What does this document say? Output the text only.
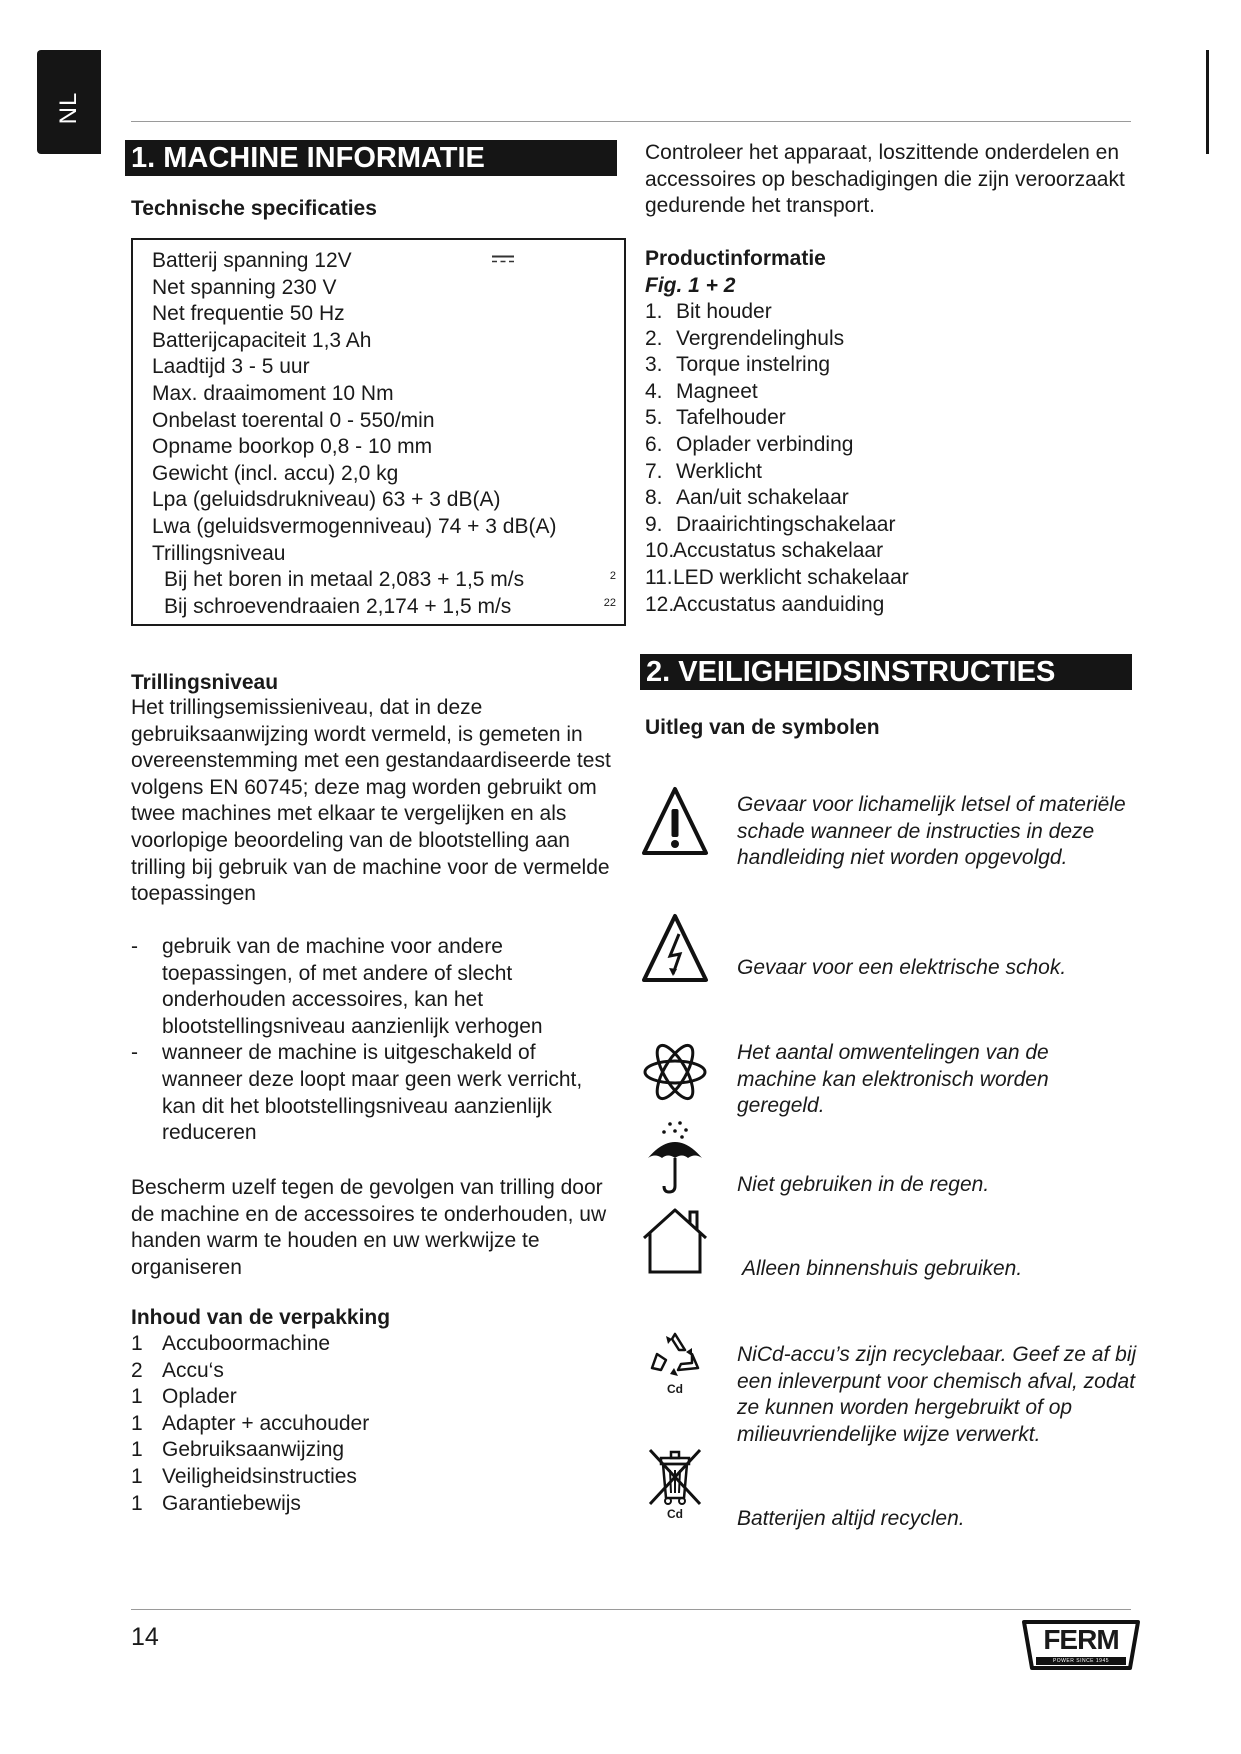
NL
1. MACHINE INFORMATIE
Technische specificaties
Batterij spanning 12V
Net spanning 230 V
Net frequentie 50 Hz
Batterijcapaciteit 1,3 Ah
Laadtijd 3 - 5 uur
Max. draaimoment 10 Nm
Onbelast toerental 0 - 550/min
Opname boorkop 0,8 - 10 mm
Gewicht (incl. accu) 2,0 kg
Lpa (geluidsdrukniveau) 63 + 3 dB(A)
Lwa (geluidsvermogenniveau) 74 + 3 dB(A)
Trillingsniveau
Bij het boren in metaal 2,083 + 1,5 m/s	2
Bij schroevendraaien 2,174 + 1,5 m/s	22
Trillingsniveau

Het trillingsemissieniveau, dat in deze gebruiksaanwijzing wordt vermeld, is gemeten in overeenstemming met een gestandaardiseerde test volgens EN 60745; deze mag worden gebruikt om twee machines met elkaar te vergelijken en als voorlopige beoordeling van de blootstelling aan trilling bij gebruik van de machine voor de vermelde toepassingen

-	gebruik van de machine voor andere toepassingen, of met andere of slecht onderhouden accessoires, kan het blootstellingsniveau aanzienlijk verhogen
-	wanneer de machine is uitgeschakeld of wanneer deze loopt maar geen werk verricht, kan dit het blootstellingsniveau aanzienlijk reduceren

Bescherm uzelf tegen de gevolgen van trilling door de machine en de accessoires te onderhouden, uw handen warm te houden en uw werkwijze te organiseren

Inhoud van de verpakking
1 Accuboormachine
2 Accu‘s
1 Oplader
1 Adapter + accuhouder
1 Gebruiksaanwijzing
1 Veiligheidsinstructies
1 Garantiebewijs

Controleer het apparaat, loszittende onderdelen en accessoires op beschadigingen die zijn veroorzaakt gedurende het transport.

Productinformatie
Fig. 1 + 2
1. Bit houder
2. Vergrendelinghuls
3. Torque instelring
4. Magneet
5. Tafelhouder
6. Oplader verbinding
7. Werklicht
8. Aan/uit schakelaar
9. Draairichtingschakelaar
10.
Accustatus schakelaar
11. LED werklicht schakelaar
12.
Accustatus aanduiding
2. VEILIGHEIDSINSTRUCTIES
Uitleg van de symbolen
Cd
Cd
Gevaar voor lichamelijk letsel of materiële schade wanneer de instructies in deze handleiding niet worden opgevolgd.
Gevaar voor een elektrische schok.
Het aantal omwentelingen van de machine kan elektronisch worden geregeld.
Niet gebruiken in de regen.
Alleen binnenshuis gebruiken.
NiCd-accu’s zijn recyclebaar. Geef ze af bij een inleverpunt voor chemisch afval, zodat ze kunnen worden hergebruikt of op milieuvriendelijke wijze verwerkt.
Batterijen altijd recyclen.
14	FERM
POWER SINCE 1945
